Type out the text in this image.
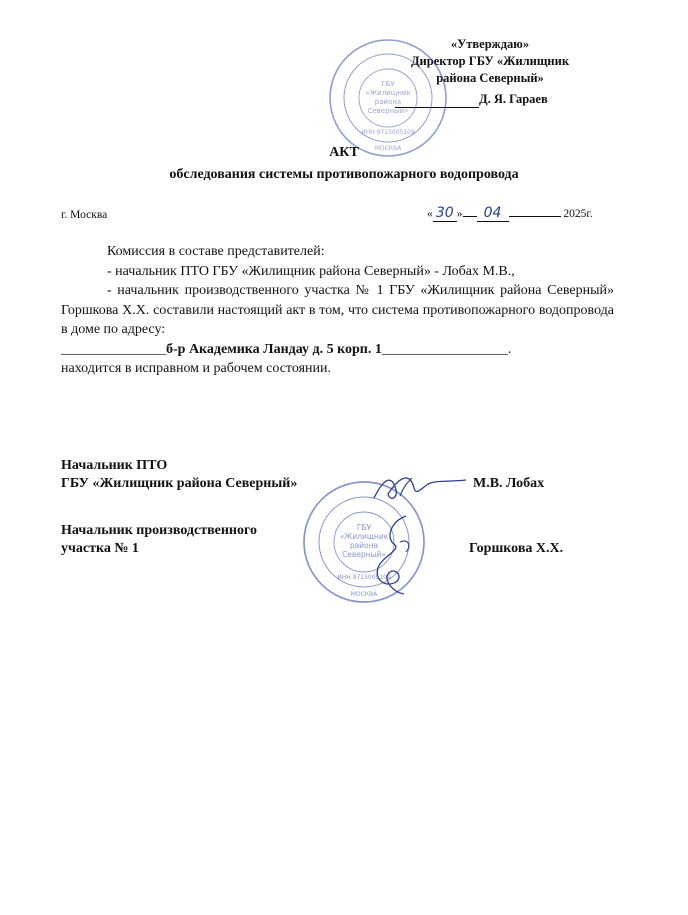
«Утверждаю»
Директор ГБУ «Жилищник
района Северный»
Д. Я. Гараев
ГБУ
«Жилищник
района
Северный»
ИНН 9715005109
МОСКВА
АКТ
обследования системы противопожарного водопровода
г. Москва	« 30 » 04	2025г.
Комиссия в составе представителей:
- начальник ПТО ГБУ «Жилищник района Северный» - Лобах М.В.,
- начальник производственного участка № 1 ГБУ «Жилищник района Северный» Горшкова Х.Х. составили настоящий акт в том, что система противопожарного водопровода в доме по адресу:
_______________б-р Академика Ландау д. 5 корп. 1__________________.
находится в исправном и рабочем состоянии.
Начальник ПТО
ГБУ «Жилищник района Северный»	М.В. Лобах
Начальник производственного
участка № 1	Горшкова Х.Х.
ГБУ
«Жилищник
района
Северный»
ИНН 9715005109
МОСКВА
